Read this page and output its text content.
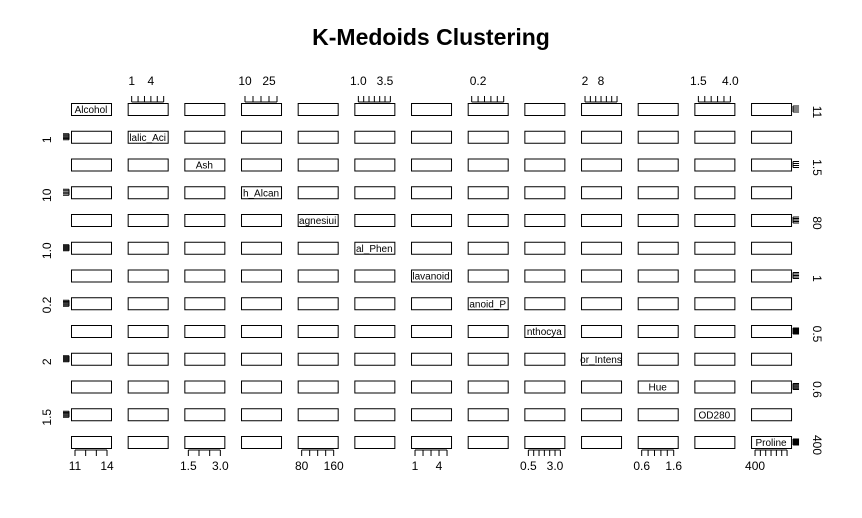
K-Medoids Clustering
Alcohol
lalic_Aci
Ash
h_Alcan
agnesiui
al_Phen
lavanoid
anoid_P
nthocya
or_Intens
Hue
OD280
Proline
1 4	10 25	1.0 3.5	0.2	2 8	1.5 4.0
11 14	1.5 3.0	80 160	1 4	0.5 3.0	0.6 1.6	400
1
10
1.0
0.2
2
1.5
11
1.5
80
1
0.5
0.6
400
